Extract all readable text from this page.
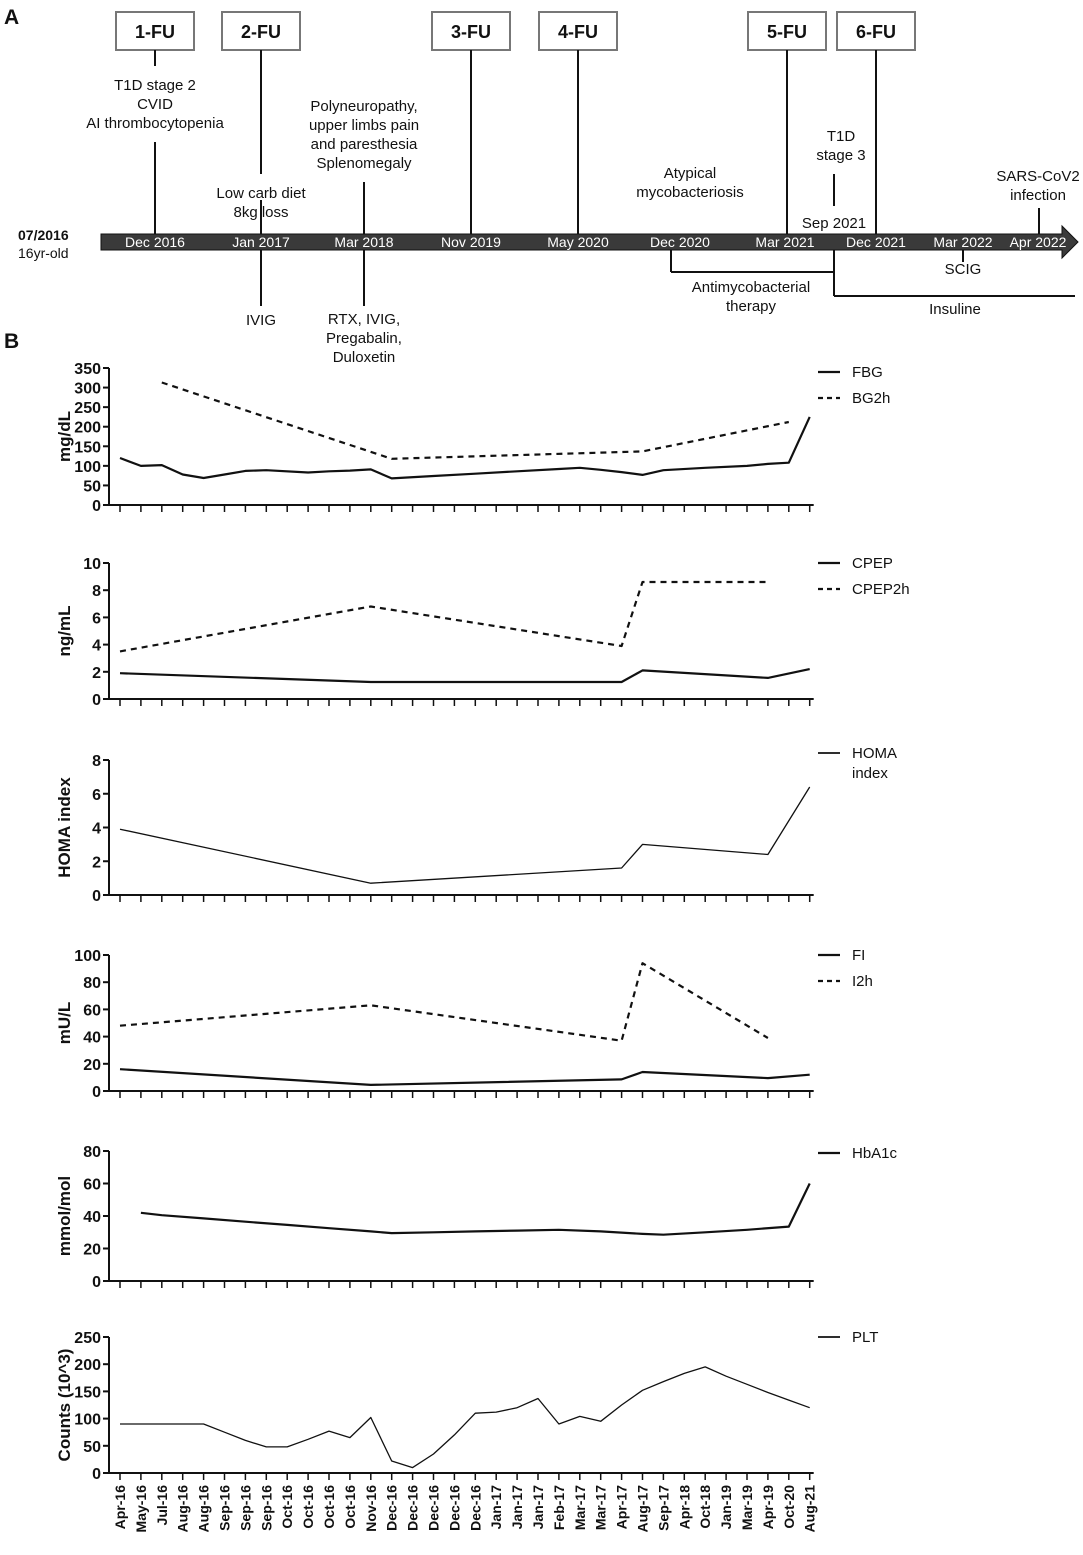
A
B
07/2016
16yr-old
Dec 2016	Jan 2017	Mar 2018	Nov 2019	May 2020	Dec 2020	Mar 2021 Dec 2021 Mar 2022 Apr 2022
1-FU	2-FU	3-FU	4-FU	5-FU	6-FU
T1D stage 2 CVID AI thrombocytopenia
Low carb diet 8kg loss
Polyneuropathy, upper limbs pain and paresthesia Splenomegaly
Atypical mycobacteriosis
T1D stage 3
Sep 2021
SARS-CoV2 infection
IVIG	RTX, IVIG, Pregabalin, Duloxetin
SCIG
Antimycobacterial therapy	Insuline
0
50
100
150
200
250
300
350
mg/dL
FBG
BG2h
0
2
4
6
8
10
ng/mL
CPEP
CPEP2h
0
2
4
6
8
HOMA index
HOMA index
0
20
40
60
80
100
mU/L
FI
I2h
0
20
40
60
80
mmol/mol
HbA1c
0
50
100
150
200
250
Counts (10^3)
PLT
Apr-16 May-16 Jul-16 Aug-16 Aug-16 Sep-16 Sep-16 Sep-16 Oct-16 Oct-16 Oct-16 Oct-16 Nov-16 Dec-16 Dec-16 Dec-16 Dec-16 Dec-16 Jan-17 Jan-17 Jan-17 Feb-17 Mar-17 Mar-17 Apr-17 Aug-17 Sep-17 Apr-18 Oct-18 Jan-19 Mar-19 Apr-19 Oct-20 Aug-21
